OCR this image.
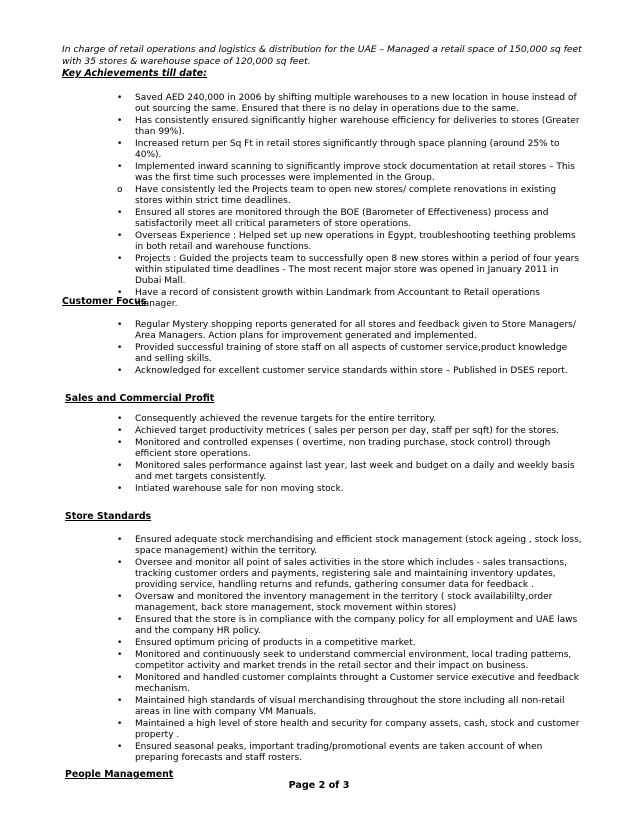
In charge of retail operations and logistics & distribution for the UAE – Managed a retail space of 150,000 sq feet with 35 stores & warehouse space of 120,000 sq feet.

Key Achievements till date:

• Saved AED 240,000 in 2006 by shifting multiple warehouses to a new location in house instead of out sourcing the same. Ensured that there is no delay in operations due to the same.
• Has consistently ensured significantly higher warehouse efficiency for deliveries to stores (Greater than 99%).
• Increased return per Sq Ft in retail stores significantly through space planning (around 25% to 40%).
• Implemented inward scanning to significantly improve stock documentation at retail stores – This was the first time such processes were implemented in the Group.
o Have consistently led the Projects team to open new stores/ complete renovations in existing stores within strict time deadlines.
• Ensured all stores are monitored through the BOE (Barometer of Effectiveness) process and satisfactorily meet all critical parameters of store operations.
• Overseas Experience : Helped set up new operations in Egypt, troubleshooting teething problems in both retail and warehouse functions.
• Projects : Guided the projects team to successfully open 8 new stores within a period of four years within stipulated time deadlines - The most recent major store was opened in January 2011 in Dubai Mall.
• Have a record of consistent growth within Landmark from Accountant to Retail operations manager.

Customer Focus

• Regular Mystery shopping reports generated for all stores and feedback given to Store Managers/ Area Managers. Action plans for improvement generated and implemented.
• Provided successful training of store staff on all aspects of customer service,product knowledge and selling skills.
• Acknowledged for excellent customer service standards within store – Published in DSES report.

Sales and Commercial Profit

• Consequently achieved the revenue targets for the entire territory.
• Achieved target productivity metrices ( sales per person per day, staff per sqft) for the stores.
• Monitored and controlled expenses ( overtime, non trading purchase, stock control) through efficient store operations.
• Monitored sales performance against last year, last week and budget on a daily and weekly basis and met targets consistently.
• Intiated warehouse sale for non moving stock.

Store Standards

• Ensured adequate stock merchandising and efficient stock management (stock ageing , stock loss, space management) within the territory.
• Oversee and monitor all point of sales activities in the store which includes - sales transactions, tracking customer orders and payments, registering sale and maintaining inventory updates, providing service, handling returns and refunds, gathering consumer data for feedback .
• Oversaw and monitored the inventory management in the territory ( stock availabililty,order management, back store management, stock movement within stores)
• Ensured that the store is in compliance with the company policy for all employment and UAE laws and the company HR policy.
• Ensured optimum pricing of products in a competitive market.
• Monitored and continuously seek to understand commercial environment, local trading patterns, competitor activity and market trends in the retail sector and their impact on business.
• Monitored and handled customer complaints throught a Customer service executive and feedback mechanism.
• Maintained high standards of visual merchandising throughout the store including all non-retail areas in line with company VM Manuals.
• Maintained a high level of store health and security for company assets, cash, stock and customer property .
• Ensured seasonal peaks, important trading/promotional events are taken account of when preparing forecasts and staff rosters.

People Management

Page 2 of 3
